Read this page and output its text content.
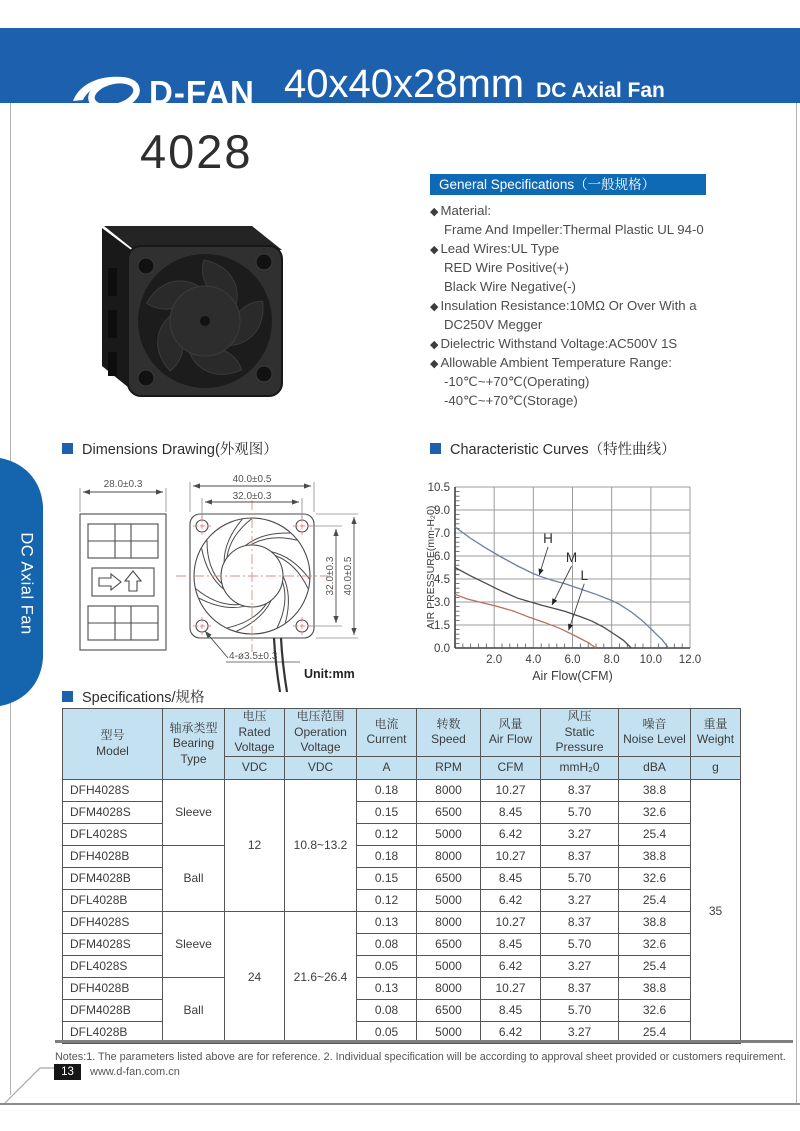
D-FAN 40x40x28mm DC Axial Fan
DC Axial Fan
4028
General Specifications（一般规格）
◆ Material:
Frame And Impeller:Thermal Plastic UL 94-0
◆ Lead Wires:UL Type
RED Wire Positive(+)
Black Wire Negative(-)
◆ Insulation Resistance:10MΩ Or Over With a
DC250V Megger
◆ Dielectric Withstand Voltage:AC500V 1S
◆ Allowable Ambient Temperature Range:
-10℃~+70℃(Operating)
-40℃~+70℃(Storage)
Dimensions Drawing(外观图）	Characteristic Curves（特性曲线）
Specifications/规格
28.0±0.3	40.0±0.5
32.0±0.3
32.0±0.3 40.0±0.5
4-ø3.5±0.3
Unit:mm
2.0 4.0 6.0 8.0 10.0 12.0
0.0
1.5
3.0
4.5
6.0
7.0
9.0
10.5
H
M
L
Air Flow(CFM)
AIR PRESSURE(mm-H₂0)
型号
Model

轴承类型
Bearing Type

电压
Rated Voltage

电压范围
Operation Voltage

电流
Current

转数
Speed

风量
Air Flow

风压
Static Pressure

噪音
Noise Level

重量
Weight

		VDC	VDC	A	RPM	CFM	mmH₂0	dBA	g
DFH4028S	Sleeve	12	10.8~13.2	0.18	8000	10.27	8.37	38.8	35
DFM4028S				0.15	6500	8.45	5.70	32.6	
DFL4028S				0.12	5000	6.42	3.27	25.4	
DFH4028B	Ball			0.18	8000	10.27	8.37	38.8	
DFM4028B				0.15	6500	8.45	5.70	32.6	
DFL4028B				0.12	5000	6.42	3.27	25.4	
DFH4028S	Sleeve	24	21.6~26.4	0.13	8000	10.27	8.37	38.8	
DFM4028S				0.08	6500	8.45	5.70	32.6	
DFL4028S				0.05	5000	6.42	3.27	25.4	
DFH4028B	Ball			0.13	8000	10.27	8.37	38.8	
DFM4028B				0.08	6500	8.45	5.70	32.6	
DFL4028B				0.05	5000	6.42	3.27	25.4	
Notes:1. The parameters listed above are for reference. 2. Individual specification will be according to approval sheet provided or customers requirement.
13	www.d-fan.com.cn
